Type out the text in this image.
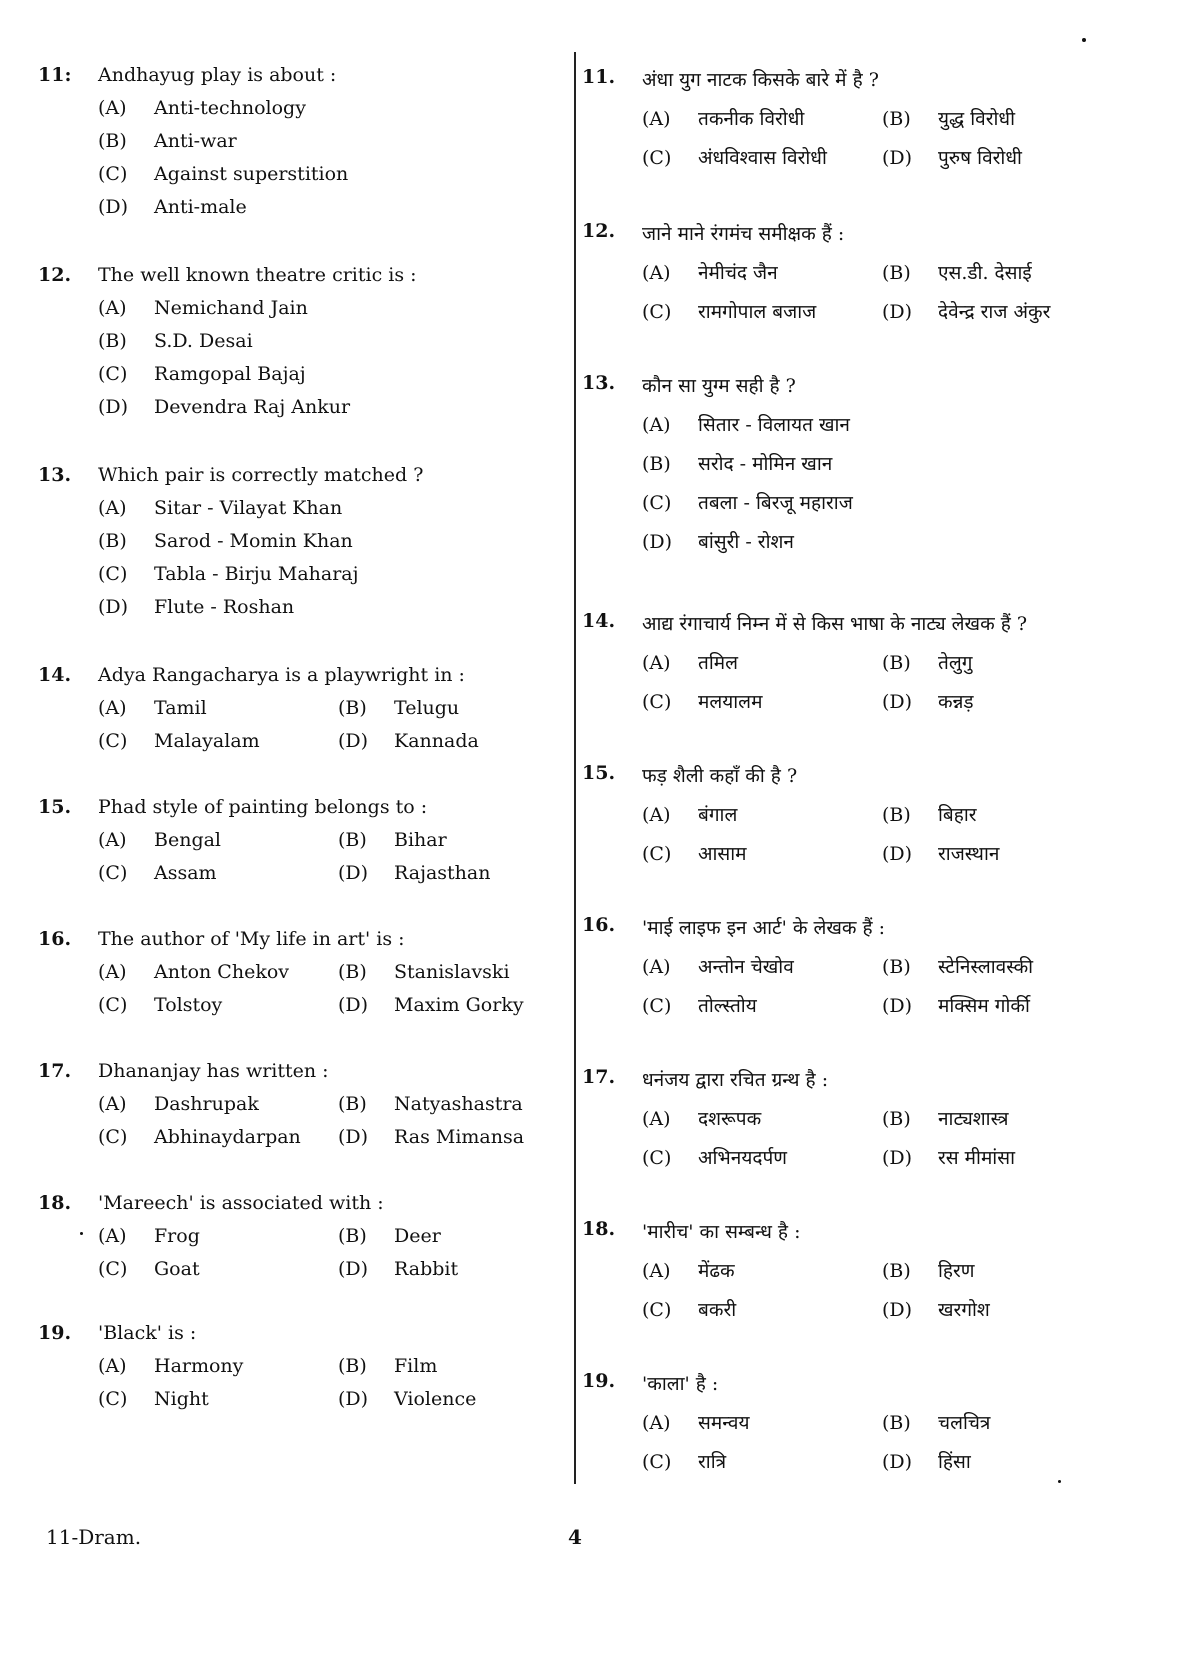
11: Andhayug play is about :
(A) Anti-technology
(B) Anti-war
(C) Against superstition
(D) Anti-male
12. The well known theatre critic is :
(A) Nemichand Jain
(B) S.D. Desai
(C) Ramgopal Bajaj
(D) Devendra Raj Ankur
13. Which pair is correctly matched ?
(A) Sitar - Vilayat Khan
(B) Sarod - Momin Khan
(C) Tabla - Birju Maharaj
(D) Flute - Roshan
14. Adya Rangacharya is a playwright in :
(A) Tamil	(B) Telugu
(C) Malayalam	(D) Kannada
15. Phad style of painting belongs to :
(A) Bengal	(B) Bihar
(C) Assam	(D) Rajasthan
16. The author of 'My life in art' is :
(A) Anton Chekov	(B) Stanislavski
(C) Tolstoy	(D) Maxim Gorky
17. Dhananjay has written :
(A) Dashrupak	(B) Natyashastra
(C) Abhinaydarpan (D) Ras Mimansa
18. 'Mareech' is associated with :
(A) Frog	(B) Deer
(C) Goat	(D) Rabbit
19. 'Black' is :
(A) Harmony	(B) Film
(C) Night	(D) Violence
11. अंधा युग नाटक किसके बारे में है ?
(A) तकनीक विरोधी	(B) युद्ध विरोधी
(C) अंधविश्वास विरोधी	(D) पुरुष विरोधी
12. जाने माने रंगमंच समीक्षक हैं :
(A) नेमीचंद जैन	(B) एस.डी. देसाई
(C) रामगोपाल बजाज	(D) देवेन्द्र राज अंकुर
13. कौन सा युग्म सही है ?
(A) सितार - विलायत खान
(B) सरोद - मोमिन खान
(C) तबला - बिरजू महाराज
(D) बांसुरी - रोशन
14. आद्य रंगाचार्य निम्न में से किस भाषा के नाट्य लेखक हैं ?
(A) तमिल	(B) तेलुगु
(C) मलयालम	(D) कन्नड़
15. फड़ शैली कहाँ की है ?
(A) बंगाल	(B) बिहार
(C) आसाम	(D) राजस्थान
16. 'माई लाइफ इन आर्ट' के लेखक हैं :
(A) अन्तोन चेखोव	(B) स्टेनिस्लावस्की
(C) तोल्स्तोय	(D) मक्सिम गोर्की
17. धनंजय द्वारा रचित ग्रन्थ है :
(A) दशरूपक	(B) नाट्यशास्त्र
(C) अभिनयदर्पण	(D) रस मीमांसा
18. 'मारीच' का सम्बन्ध है :
(A) मेंढक	(B) हिरण
(C) बकरी	(D) खरगोश
19. 'काला' है :
(A) समन्वय	(B) चलचित्र
(C) रात्रि	(D) हिंसा
11-Dram.	4
